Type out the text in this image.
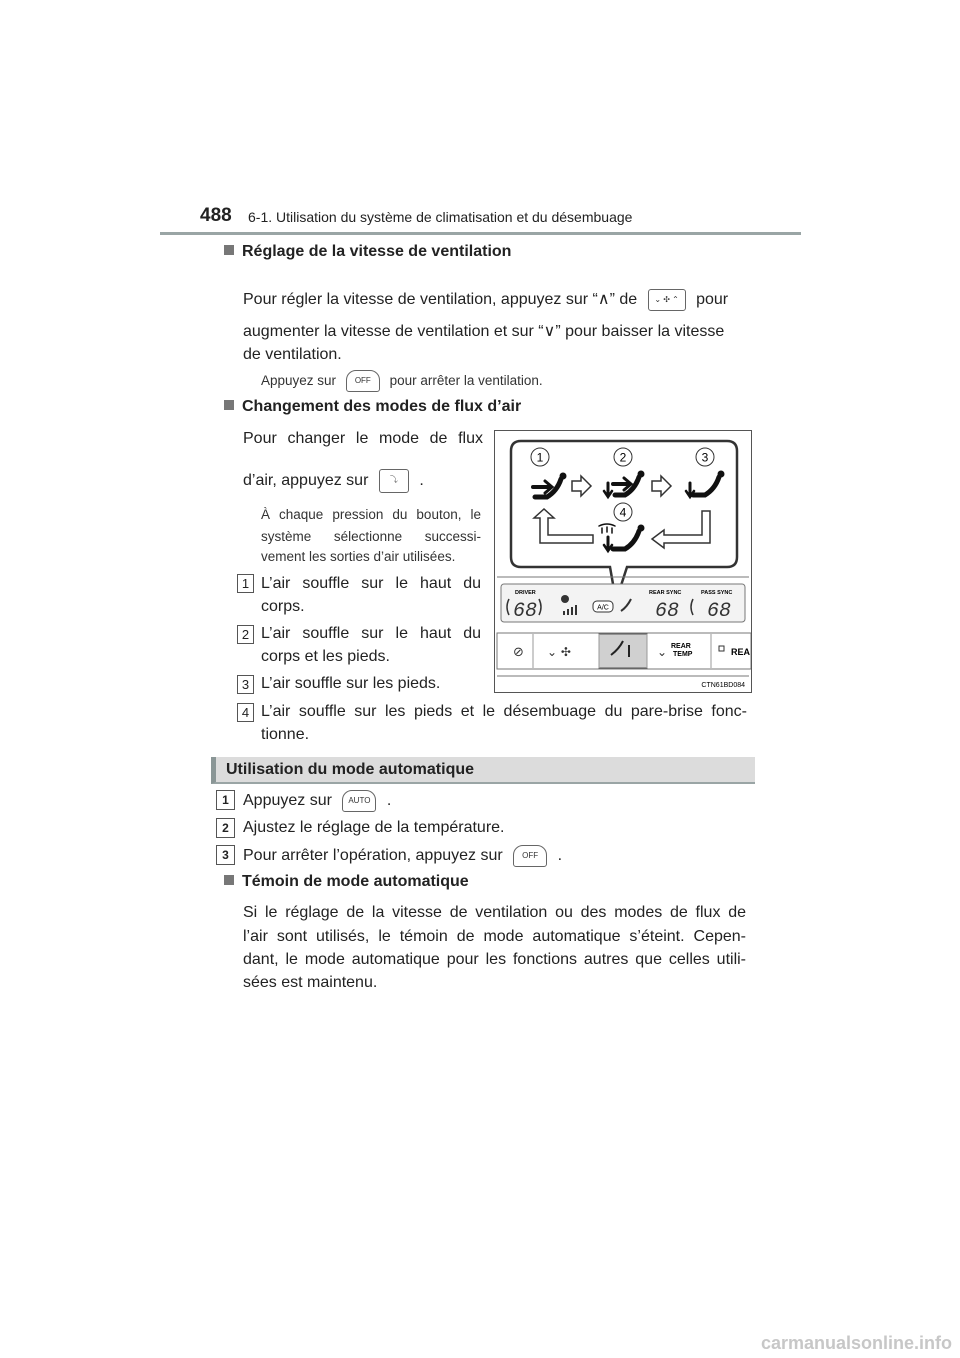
488 6-1. Utilisation du système de climatisation et du désembuage
Réglage de la vitesse de ventilation
Pour régler la vitesse de ventilation, appuyez sur “∧” de ⌄ ✣ ⌃ pour
augmenter la vitesse de ventilation et sur “∨” pour baisser la vitesse
de ventilation.
Appuyez sur OFF pour arrêter la ventilation.
Changement des modes de flux d’air
Pour changer le mode de flux
d’air, appuyez sur	⤵ .
À chaque pression du bouton, le
système sélectionne successi-
vement les sorties d’air utilisées.
1 L’air souffle sur le haut du
corps.
2 L’air souffle sur le haut du
corps et les pieds.
3 L’air souffle sur les pieds.
4 L’air souffle sur les pieds et le désembuage du pare-brise fonc-
tionne.
1	2	3
4
DRIVER
68	A/C
REAR SYNC
68
PASS SYNC
68
⊘ ⌄ ✣	⌄ REAR
TEMP	REA
CTN61BD084
Utilisation du mode automatique
1 Appuyez sur AUTO .
2 Ajustez le réglage de la température.
3 Pour arrêter l’opération, appuyez sur OFF .
Témoin de mode automatique
Si le réglage de la vitesse de ventilation ou des modes de flux de
l’air sont utilisés, le témoin de mode automatique s’éteint. Cepen-
dant, le mode automatique pour les fonctions autres que celles utili-
sées est maintenu.
carmanualsonline.info
